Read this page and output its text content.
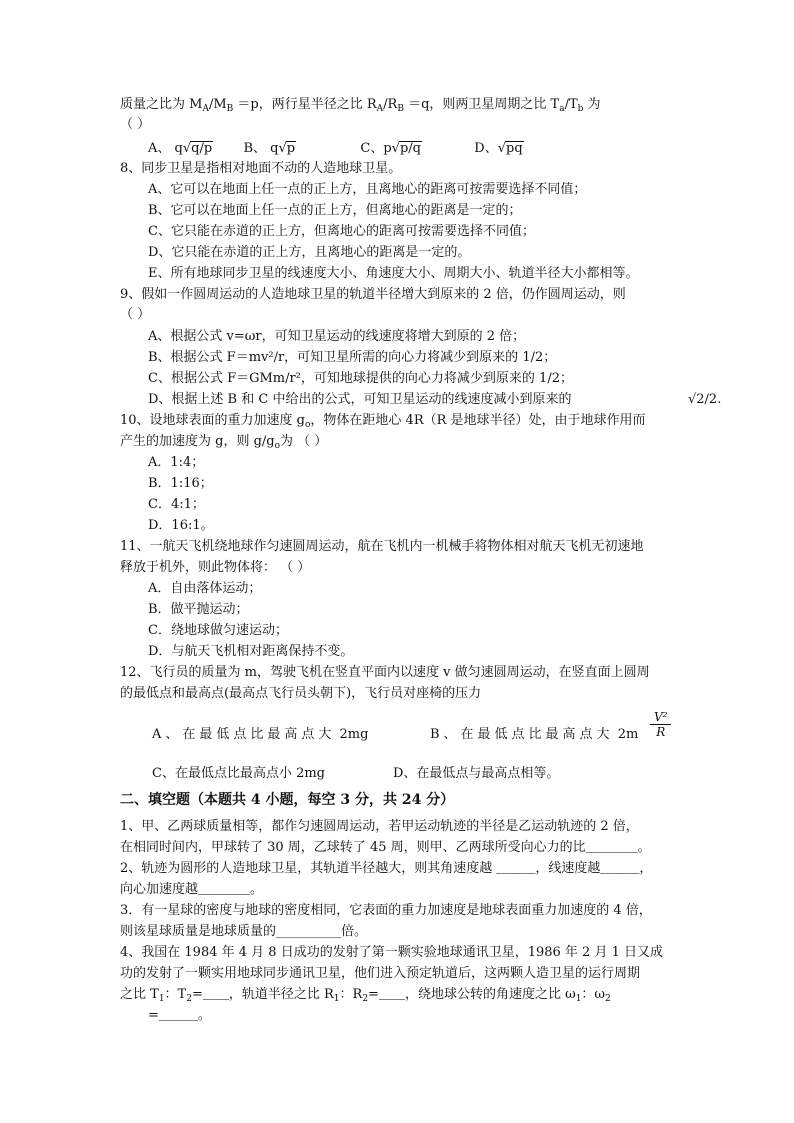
质量之比为 $M_A/M_B =p$，两行星半径之比 $R_A/R_B =q$，则两卫星周期之比 $T_a/T_b$ 为
（ ）
A、 q√q/p B、 q√p	C、p√p/q	D、√pq
8、同步卫星是指相对地面不动的人造地球卫星。
A、它可以在地面上任一点的正上方，且离地心的距离可按需要选择不同值；
B、它可以在地面上任一点的正上方，但离地心的距离是一定的；
C、它只能在赤道的正上方，但离地心的距离可按需要选择不同值；
D、它只能在赤道的正上方，且离地心的距离是一定的。
E、所有地球同步卫星的线速度大小、角速度大小、周期大小、轨道半径大小都相等。
9、假如一作圆周运动的人造地球卫星的轨道半径增大到原来的 2 倍，仍作圆周运动，则
（ ）
A、根据公式 v=ωr，可知卫星运动的线速度将增大到原的 2 倍；
B、根据公式 F＝mv²/r，可知卫星所需的向心力将减少到原来的 1/2；
C、根据公式 F＝GMm/r²，可知地球提供的向心力将减少到原来的 1/2；
D、根据上述 B 和 C 中给出的公式，可知卫星运动的线速度减小到原来的	√2/2.
10、设地球表面的重力加速度 $g_o$，物体在距地心 4R（R 是地球半径）处，由于地球作用而
产生的加速度为 g，则 $g/g_o$为 （ ）
A．1:4；
B．1:16；
C．4:1；
D．16:1。
11、一航天飞机绕地球作匀速圆周运动，航在飞机内一机械手将物体相对航天飞机无初速地
释放于机外，则此物体将： （ ）
A．自由落体运动；
B．做平抛运动；
C．绕地球做匀速运动；
D．与航天飞机相对距离保持不变。
12、飞行员的质量为 m，驾驶飞机在竖直平面内以速度 v 做匀速圆周运动，在竖直面上圆周
的最低点和最高点(最高点飞行员头朝下)，飞行员对座椅的压力
A、在最低点比最高点大 2mg	B、在最低点比最高点大 $2m \frac{\text{V²}}{R}$
C、在最低点比最高点小 2mg	D、在最低点与最高点相等。
二、填空题（本题共 4 小题，每空 3 分，共 24 分）
1、甲、乙两球质量相等，都作匀速圆周运动，若甲运动轨迹的半径是乙运动轨迹的 2 倍，
在相同时间内，甲球转了 30 周，乙球转了 45 周，则甲、乙两球所受向心力的比＿＿＿＿。
2、轨迹为圆形的人造地球卫星，其轨道半径越大，则其角速度越 ＿＿＿，线速度越＿＿＿，
向心加速度越＿＿＿＿。
3．有一星球的密度与地球的密度相同，它表面的重力加速度是地球表面重力加速度的 4 倍，
则该星球质量是地球质量的__________倍。
4、我国在 1984 年 4 月 8 日成功的发射了第一颗实验地球通讯卫星，1986 年 2 月 1 日又成
功的发射了一颗实用地球同步通讯卫星，他们进入预定轨道后，这两颗人造卫星的运行周期
之比 $T_1$：$T_2=\_\_$，轨道半径之比 $R_1$：$R_2=\_\_$，绕地球公转的角速度之比 $\omega_1$：$\omega_2$
=＿＿＿。
